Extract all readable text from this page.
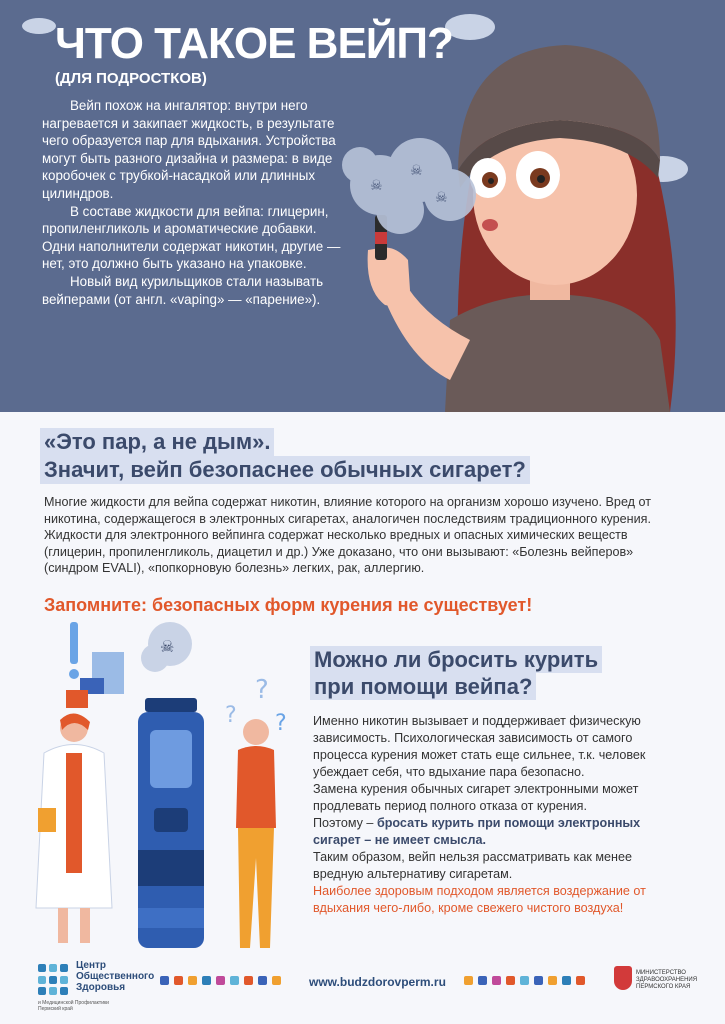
ЧТО ТАКОЕ ВЕЙП?
(ДЛЯ ПОДРОСТКОВ)

Вейп похож на ингалятор: внутри него нагревается и закипает жидкость, в результате чего образуется пар для вдыхания. Устройства могут быть разного дизайна и размера: в виде коробочек с трубкой-насадкой или длинных цилиндров.

В составе жидкости для вейпа: глицерин, пропиленгликоль и ароматические добавки. Одни наполнители содержат никотин, другие — нет, это должно быть указано на упаковке.

Новый вид курильщиков стали называть вейперами (от англ. «vaping» — «парение»).

☠
☠
☠
«Это пар, а не дым».
Значит, вейп безопаснее обычных сигарет?

Многие жидкости для вейпа содержат никотин, влияние которого на организм хорошо изучено. Вред от никотина, содержащегося в электронных сигаретах, аналогичен последствиям традиционного курения.

Жидкости для электронного вейпинга содержат несколько вредных и опасных химических веществ (глицерин, пропиленгликоль, диацетил и др.) Уже доказано, что они вызывают: «Болезнь вейперов» (синдром EVALI), «попкорновую болезнь» легких, рак, аллергию.

Запомните: безопасных форм курения не существует!

☠
?
?
?
Можно ли бросить курить
при помощи вейпа?

Именно никотин вызывает и поддерживает физическую зависимость. Психологическая зависимость от самого процесса курения может стать еще сильнее, т.к. человек убеждает себя, что вдыхание пара безопасно.

Замена курения обычных сигарет электронными может продлевать период полного отказа от курения.

Поэтому – бросать курить при помощи электронных сигарет – не имеет смысла.

Таким образом, вейп нельзя рассматривать как менее вредную альтернативу сигаретам.

Наиболее здоровым подходом является воздержание от вдыхания чего-либо, кроме свежего чистого воздуха!

Центр
Общественного
Здоровья
и Медицинской Профилактики
Пермский край
www.budzdorovperm.ru
МИНИСТЕРСТВО
ЗДРАВООХРАНЕНИЯ
ПЕРМСКОГО КРАЯ
